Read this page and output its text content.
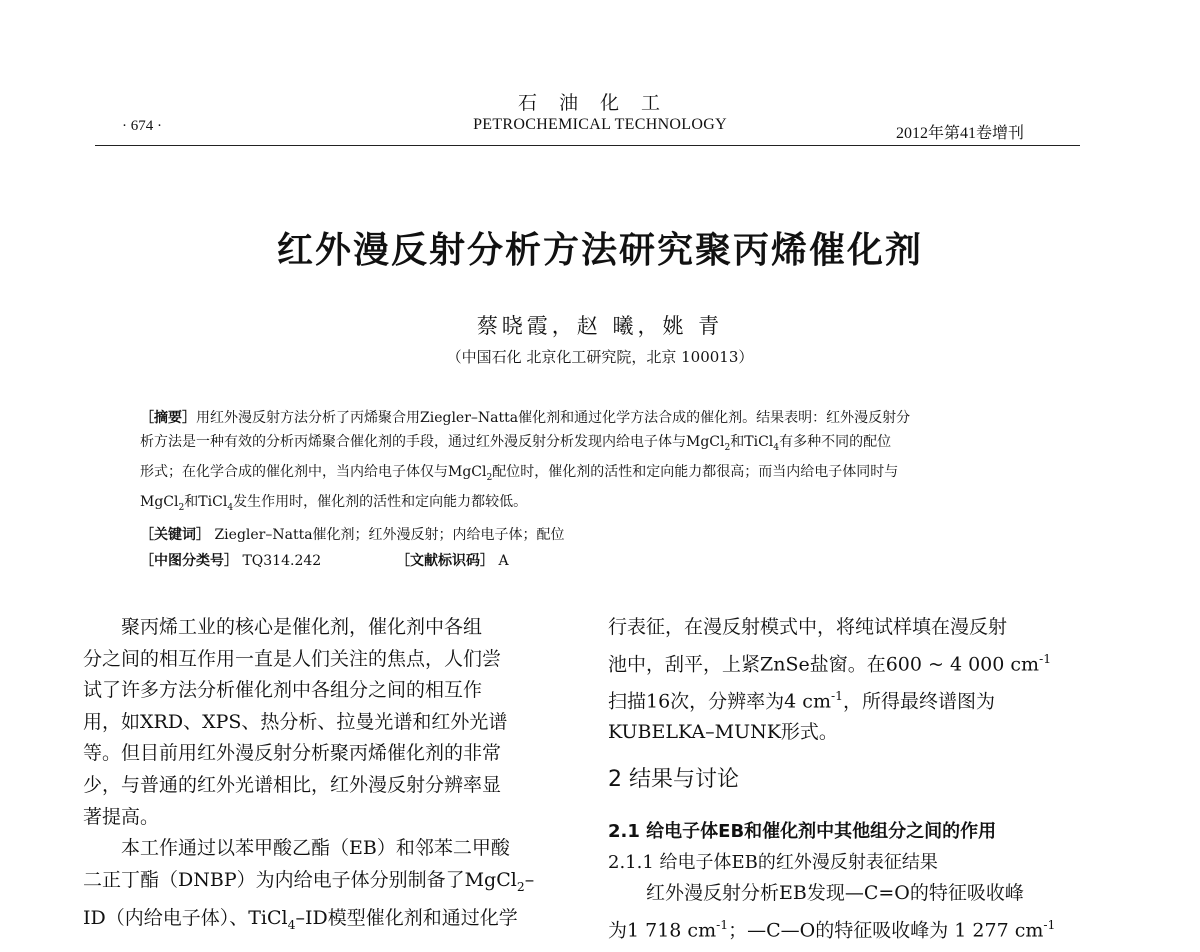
石油化工
· 674 ·	PETROCHEMICAL TECHNOLOGY
2012年第41卷增刊
红外漫反射分析方法研究聚丙烯催化剂
蔡晓霞，赵 曦，姚 青
（中国石化 北京化工研究院，北京 100013）

［摘要］用红外漫反射方法分析了丙烯聚合用Ziegler–Natta催化剂和通过化学方法合成的催化剂。结果表明：红外漫反射分

析方法是一种有效的分析丙烯聚合催化剂的手段，通过红外漫反射分析发现内给电子体与MgCl$_2$和TiCl$_4$有多种不同的配位

形式；在化学合成的催化剂中，当内给电子体仅与MgCl$_2$配位时，催化剂的活性和定向能力都很高；而当内给电子体同时与

MgCl$_2$和TiCl$_4$发生作用时，催化剂的活性和定向能力都较低。

［关键词］ Ziegler–Natta催化剂；红外漫反射；内给电子体；配位
［中图分类号］ TQ314.242	［文献标识码］ A

聚丙烯工业的核心是催化剂，催化剂中各组

分之间的相互作用一直是人们关注的焦点，人们尝

试了许多方法分析催化剂中各组分之间的相互作

用，如XRD、XPS、热分析、拉曼光谱和红外光谱

等。但目前用红外漫反射分析聚丙烯催化剂的非常

少，与普通的红外光谱相比，红外漫反射分辨率显

著提高。

本工作通过以苯甲酸乙酯（EB）和邻苯二甲酸

二正丁酯（DNBP）为内给电子体分别制备了MgCl$_2$–

ID（内给电子体）、TiCl$_4$–ID模型催化剂和通过化学

行表征，在漫反射模式中，将纯试样填在漫反射

池中，刮平，上紧ZnSe盐窗。在600 ~ 4 000 $cm^{-1}$

扫描16次，分辨率为4 $cm^{-1}$，所得最终谱图为

KUBELKA–MUNK形式。

2 结果与讨论
2.1 给电子体EB和催化剂中其他组分之间的作用
2.1.1 给电子体EB的红外漫反射表征结果

红外漫反射分析EB发现—C=O的特征吸收峰

为1 718 $cm^{-1}$；—C—O的特征吸收峰为 1 277 $cm^{-1}$
